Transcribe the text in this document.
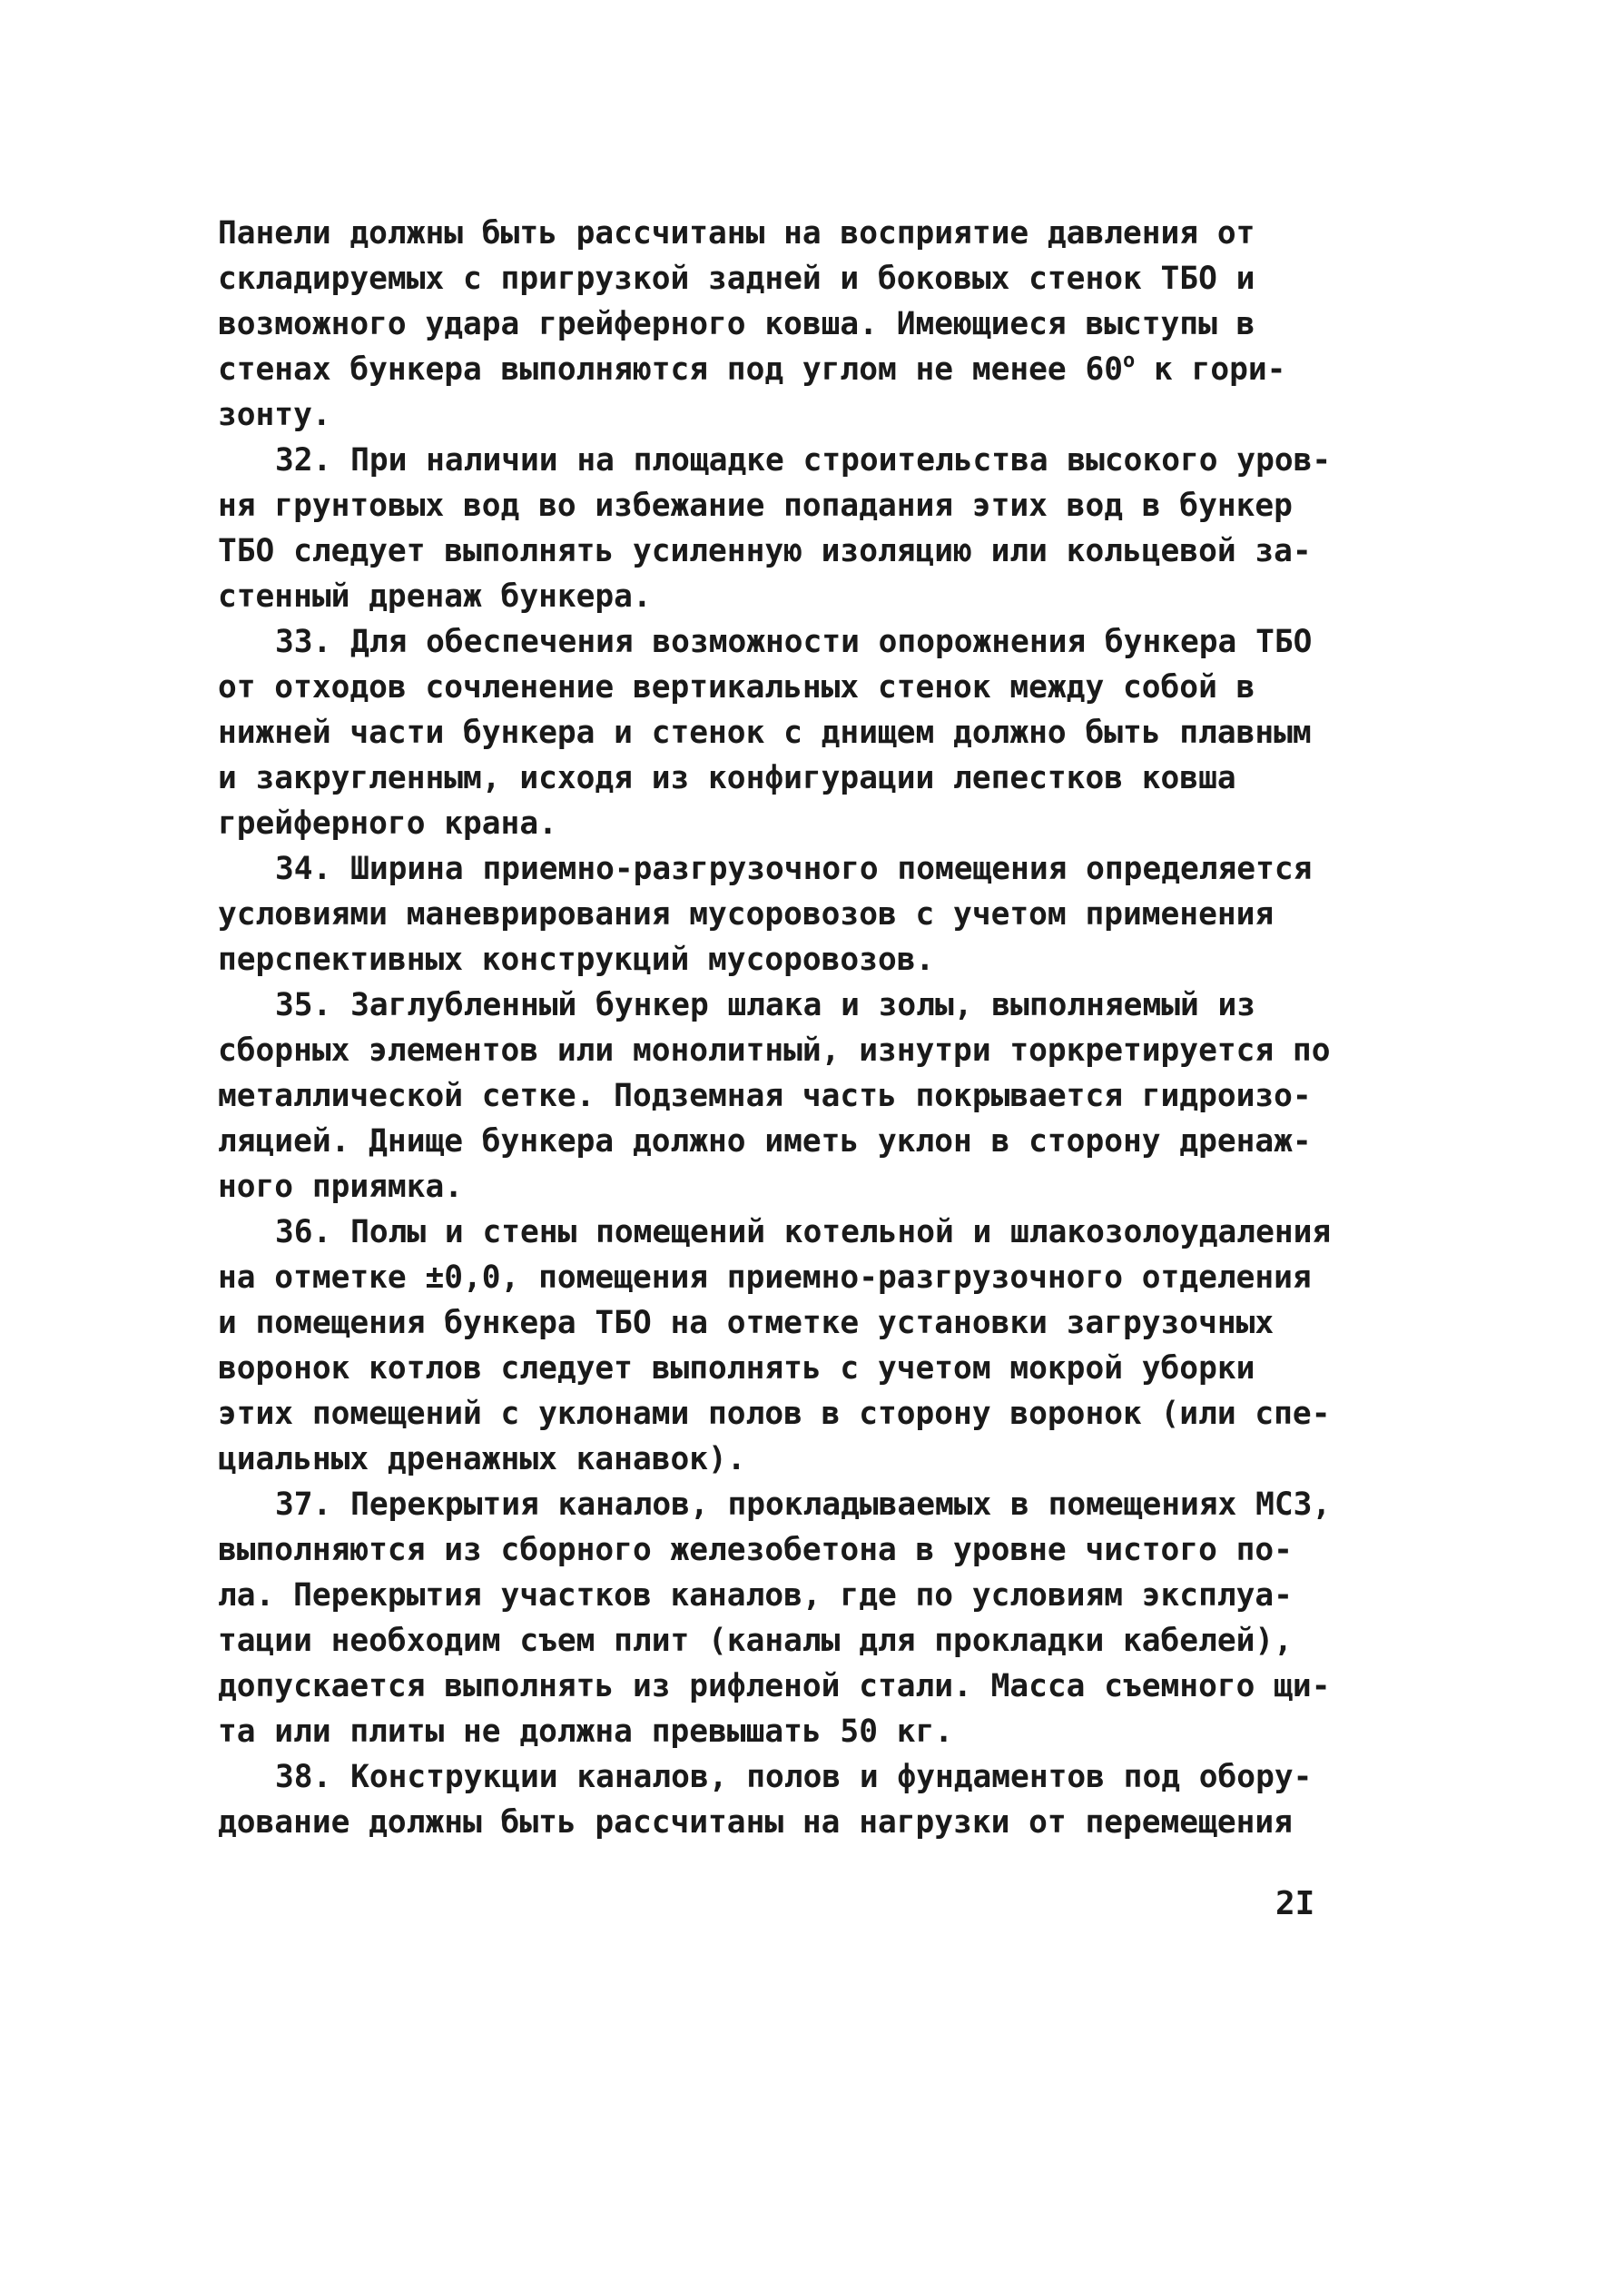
Панели должны быть рассчитаны на восприятие давления от
складируемых с пригрузкой задней и боковых стенок ТБО и
возможного удара грейферного ковша. Имеющиеся выступы в
стенах бункера выполняются под углом не менее $60^о$ к гори-
зонту.
32. При наличии на площадке строительства высокого уров-
ня грунтовых вод во избежание попадания этих вод в бункер
ТБО следует выполнять усиленную изоляцию или кольцевой за-
стенный дренаж бункера.
33. Для обеспечения возможности опорожнения бункера ТБО
от отходов сочленение вертикальных стенок между собой в
нижней части бункера и стенок с днищем должно быть плавным
и закругленным, исходя из конфигурации лепестков ковша
грейферного крана.
34. Ширина приемно-разгрузочного помещения определяется
условиями маневрирования мусоровозов с учетом применения
перспективных конструкций мусоровозов.
35. Заглубленный бункер шлака и золы, выполняемый из
сборных элементов или монолитный, изнутри торкретируется по
металлической сетке. Подземная часть покрывается гидроизо-
ляцией. Днище бункера должно иметь уклон в сторону дренаж-
ного приямка.
36. Полы и стены помещений котельной и шлакозолоудаления
на отметке ±0,0, помещения приемно-разгрузочного отделения
и помещения бункера ТБО на отметке установки загрузочных
воронок котлов следует выполнять с учетом мокрой уборки
этих помещений с уклонами полов в сторону воронок (или спе-
циальных дренажных канавок).
37. Перекрытия каналов, прокладываемых в помещениях МСЗ,
выполняются из сборного железобетона в уровне чистого по-
ла. Перекрытия участков каналов, где по условиям эксплуа-
тации необходим съем плит (каналы для прокладки кабелей),
допускается выполнять из рифленой стали. Масса съемного щи-
та или плиты не должна превышать 50 кг.
38. Конструкции каналов, полов и фундаментов под обору-
дование должны быть рассчитаны на нагрузки от перемещения
2I
